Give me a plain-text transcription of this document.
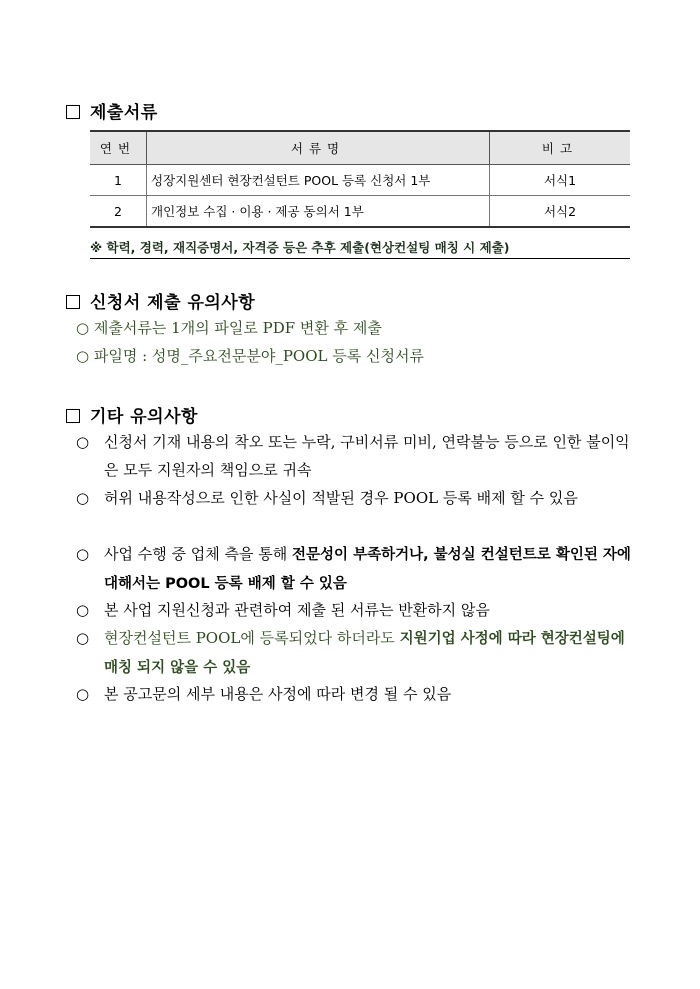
제출서류
연번	서류명	비고
1	성장지원센터 현장컨설턴트 POOL 등록 신청서 1부	서식1
2	개인정보 수집 · 이용 · 제공 동의서 1부	서식2
※ 학력, 경력, 재직증명서, 자격증 등은 추후 제출(현상컨설팅 매칭 시 제출)
신청서 제출 유의사항
○ 제출서류는 1개의 파일로 PDF 변환 후 제출
○ 파일명 : 성명_주요전문분야_POOL 등록 신청서류
기타 유의사항
○ 신청서 기재 내용의 착오 또는 누락, 구비서류 미비, 연락불능 등으로 인한 불이익은 모두 지원자의 책임으로 귀속
○ 허위 내용작성으로 인한 사실이 적발된 경우 POOL 등록 배제 할 수 있음
○ 사업 수행 중 업체 측을 통해 전문성이 부족하거나, 불성실 컨설턴트로 확인된 자에 대해서는 POOL 등록 배제 할 수 있음
○ 본 사업 지원신청과 관련하여 제출 된 서류는 반환하지 않음
○ 현장컨설턴트 POOL에 등록되었다 하더라도 지원기업 사정에 따라 현장컨설팅에 매칭 되지 않을 수 있음
○ 본 공고문의 세부 내용은 사정에 따라 변경 될 수 있음
